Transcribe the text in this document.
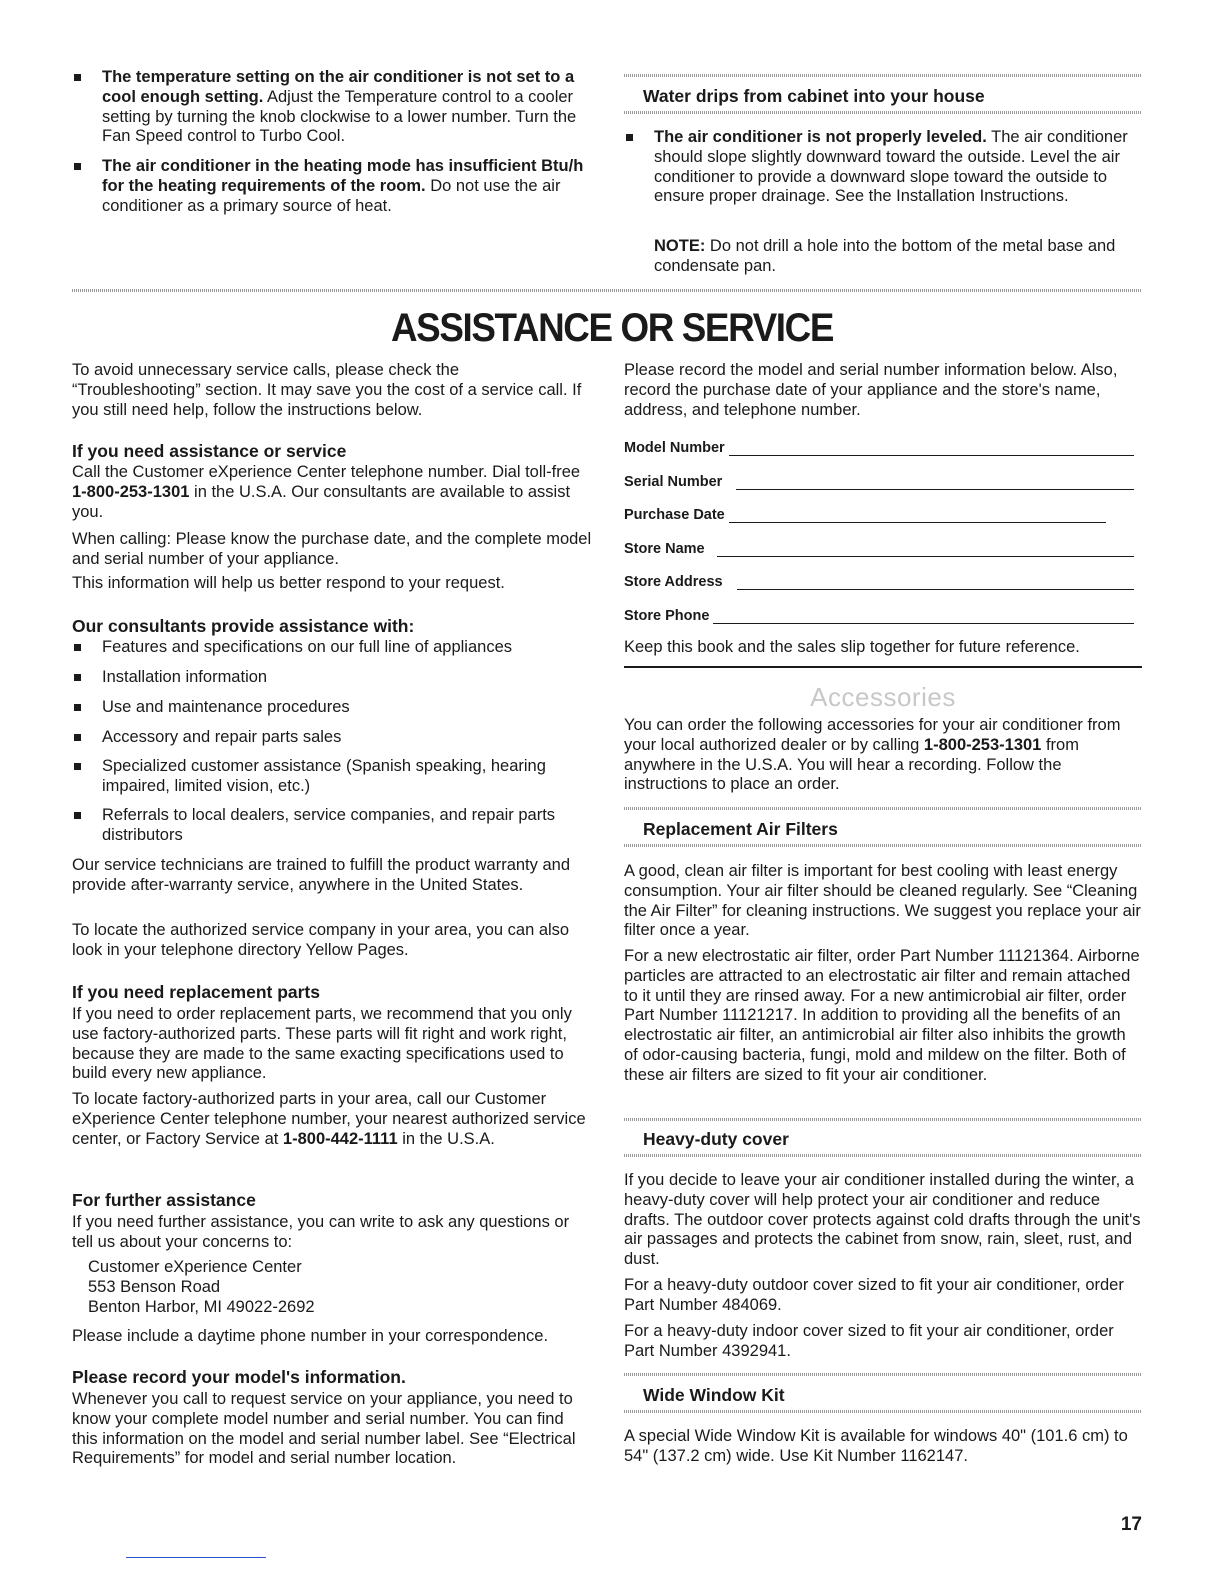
The temperature setting on the air conditioner is not set to a cool enough setting. Adjust the Temperature control to a cooler setting by turning the knob clockwise to a lower number. Turn the Fan Speed control to Turbo Cool.
The air conditioner in the heating mode has insufficient Btu/h for the heating requirements of the room. Do not use the air conditioner as a primary source of heat.
Water drips from cabinet into your house
The air conditioner is not properly leveled. The air conditioner should slope slightly downward toward the outside. Level the air conditioner to provide a downward slope toward the outside to ensure proper drainage. See the Installation Instructions.
NOTE: Do not drill a hole into the bottom of the metal base and condensate pan.
ASSISTANCE OR SERVICE
To avoid unnecessary service calls, please check the “Troubleshooting” section. It may save you the cost of a service call. If you still need help, follow the instructions below.
If you need assistance or service
Call the Customer eXperience Center telephone number. Dial toll-free 1-800-253-1301 in the U.S.A. Our consultants are available to assist you.
When calling: Please know the purchase date, and the complete model and serial number of your appliance.
This information will help us better respond to your request.
Our consultants provide assistance with:
Features and specifications on our full line of appliances
Installation information
Use and maintenance procedures
Accessory and repair parts sales
Specialized customer assistance (Spanish speaking, hearing impaired, limited vision, etc.)
Referrals to local dealers, service companies, and repair parts distributors
Our service technicians are trained to fulfill the product warranty and provide after-warranty service, anywhere in the United States.
To locate the authorized service company in your area, you can also look in your telephone directory Yellow Pages.
If you need replacement parts
If you need to order replacement parts, we recommend that you only use factory-authorized parts. These parts will fit right and work right, because they are made to the same exacting specifications used to build every new appliance.
To locate factory-authorized parts in your area, call our Customer eXperience Center telephone number, your nearest authorized service center, or Factory Service at 1-800-442-1111 in the U.S.A.
For further assistance
If you need further assistance, you can write to ask any questions or tell us about your concerns to:
Customer eXperience Center
553 Benson Road
Benton Harbor, MI 49022-2692
Please include a daytime phone number in your correspondence.
Please record your model's information.
Whenever you call to request service on your appliance, you need to know your complete model number and serial number. You can find this information on the model and serial number label. See “Electrical Requirements” for model and serial number location.
Please record the model and serial number information below. Also, record the purchase date of your appliance and the store's name, address, and telephone number.
Model Number
Serial Number
Purchase Date
Store Name
Store Address
Store Phone
Keep this book and the sales slip together for future reference.
Accessories
You can order the following accessories for your air conditioner from your local authorized dealer or by calling 1-800-253-1301 from anywhere in the U.S.A. You will hear a recording. Follow the instructions to place an order.
Replacement Air Filters
A good, clean air filter is important for best cooling with least energy consumption. Your air filter should be cleaned regularly. See “Cleaning the Air Filter” for cleaning instructions. We suggest you replace your air filter once a year.
For a new electrostatic air filter, order Part Number 11121364. Airborne particles are attracted to an electrostatic air filter and remain attached to it until they are rinsed away. For a new antimicrobial air filter, order Part Number 11121217. In addition to providing all the benefits of an electrostatic air filter, an antimicrobial air filter also inhibits the growth of odor-causing bacteria, fungi, mold and mildew on the filter. Both of these air filters are sized to fit your air conditioner.
Heavy-duty cover
If you decide to leave your air conditioner installed during the winter, a heavy-duty cover will help protect your air conditioner and reduce drafts. The outdoor cover protects against cold drafts through the unit's air passages and protects the cabinet from snow, rain, sleet, rust, and dust.
For a heavy-duty outdoor cover sized to fit your air conditioner, order Part Number 484069.
For a heavy-duty indoor cover sized to fit your air conditioner, order Part Number 4392941.
Wide Window Kit
A special Wide Window Kit is available for windows 40" (101.6 cm) to 54" (137.2 cm) wide. Use Kit Number 1162147.
17
